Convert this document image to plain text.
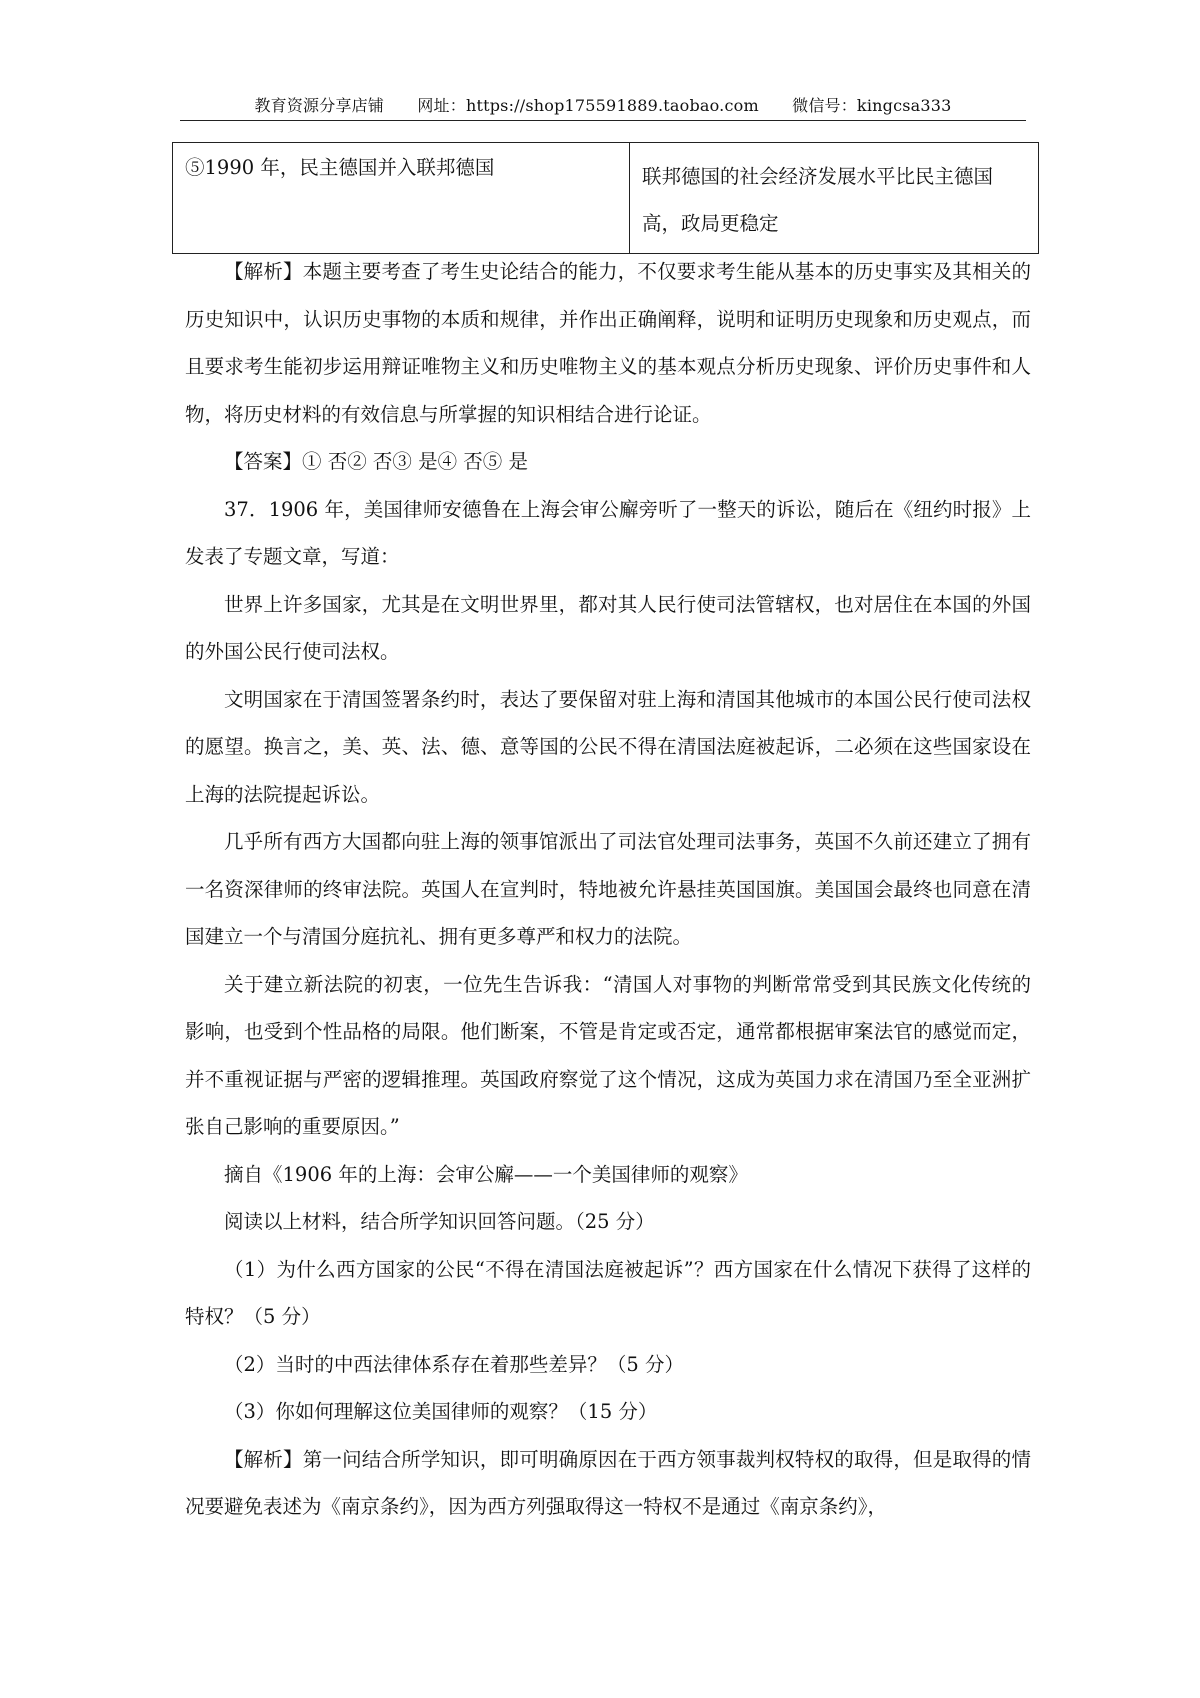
教育资源分享店铺 网址：https://shop175591889.taobao.com 微信号：kingcsa333
⑤1990 年，民主德国并入联邦德国	联邦德国的社会经济发展水平比民主德国高，政局更稳定

【解析】本题主要考查了考生史论结合的能力，不仅要求考生能从基本的历史事实及其相关的历史知识中，认识历史事物的本质和规律，并作出正确阐释，说明和证明历史现象和历史观点，而且要求考生能初步运用辩证唯物主义和历史唯物主义的基本观点分析历史现象、评价历史事件和人物，将历史材料的有效信息与所掌握的知识相结合进行论证。

【答案】① 否② 否③ 是④ 否⑤ 是

37．1906 年，美国律师安德鲁在上海会审公廨旁听了一整天的诉讼，随后在《纽约时报》上发表了专题文章，写道：

世界上许多国家，尤其是在文明世界里，都对其人民行使司法管辖权，也对居住在本国的外国的外国公民行使司法权。

文明国家在于清国签署条约时，表达了要保留对驻上海和清国其他城市的本国公民行使司法权的愿望。换言之，美、英、法、德、意等国的公民不得在清国法庭被起诉，二必须在这些国家设在上海的法院提起诉讼。

几乎所有西方大国都向驻上海的领事馆派出了司法官处理司法事务，英国不久前还建立了拥有一名资深律师的终审法院。英国人在宣判时，特地被允许悬挂英国国旗。美国国会最终也同意在清国建立一个与清国分庭抗礼、拥有更多尊严和权力的法院。

关于建立新法院的初衷，一位先生告诉我：“清国人对事物的判断常常受到其民族文化传统的影响，也受到个性品格的局限。他们断案，不管是肯定或否定，通常都根据审案法官的感觉而定，并不重视证据与严密的逻辑推理。英国政府察觉了这个情况，这成为英国力求在清国乃至全亚洲扩张自己影响的重要原因。”

摘自《1906 年的上海：会审公廨——一个美国律师的观察》

阅读以上材料，结合所学知识回答问题。（25 分）

（1）为什么西方国家的公民“不得在清国法庭被起诉”？西方国家在什么情况下获得了这样的特权？（5 分）

（2）当时的中西法律体系存在着那些差异？（5 分）

（3）你如何理解这位美国律师的观察？（15 分）

【解析】第一问结合所学知识，即可明确原因在于西方领事裁判权特权的取得，但是取得的情况要避免表述为《南京条约》，因为西方列强取得这一特权不是通过《南京条约》，
